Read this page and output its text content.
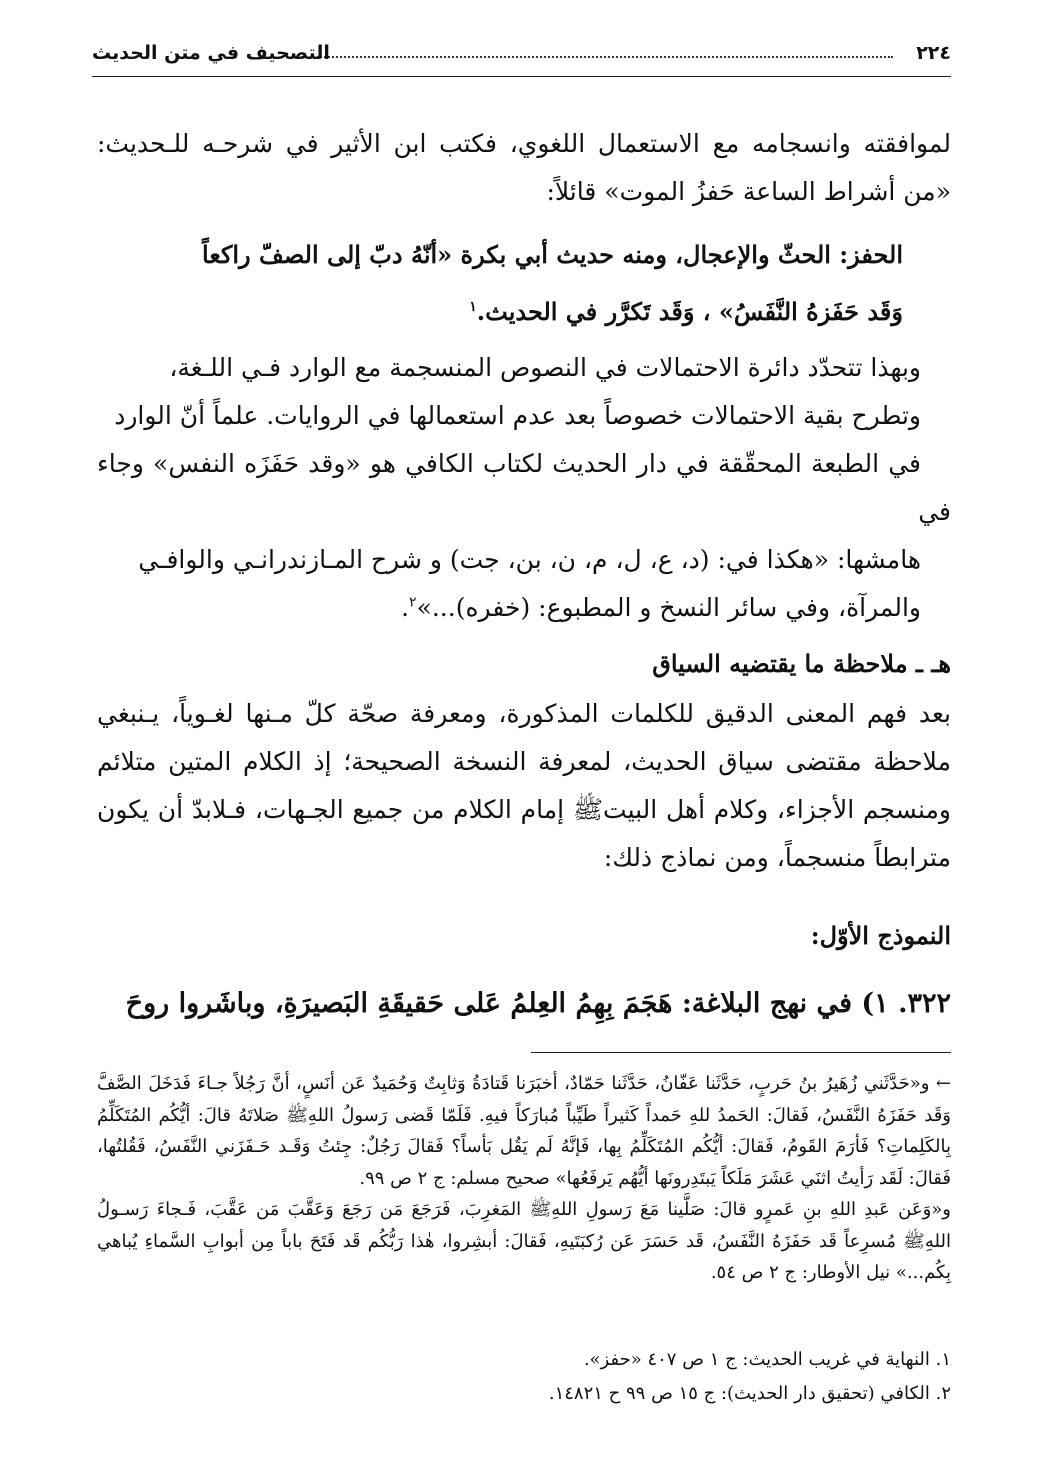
٢٢٤
التصحيف في متن الحديث
لموافقته وانسجامه مع الاستعمال اللغوي، فكتب ابن الأثير في شرحـه للـحديث: «من أشراط الساعة حَفزُ الموت» قائلاً:
الحفز: الحثّ والإعجال، ومنه حديث أبي بكرة «أنّهُ دبّ إلى الصفّ راكعاً
وَقَد حَفَزهُ النَّفَسُ» ، وَقَد تَكرَّر في الحديث.$^١$
وبهذا تتحدّد دائرة الاحتمالات في النصوص المنسجمة مع الوارد فـي اللـغة،
وتطرح بقية الاحتمالات خصوصاً بعد عدم استعمالها في الروايات. علماً أنّ الوارد
في الطبعة المحقّقة في دار الحديث لكتاب الكافي هو «وقد حَفَزَه النفس» وجاء في
هامشها: «هكذا في: (د، ع، ل، م، ن، بن، جت) و شرح المـازندرانـي والوافـي
والمرآة، وفي سائر النسخ و المطبوع: (خفره)...»$^٢$.
هـ ـ ملاحظة ما يقتضيه السياق
بعد فهم المعنى الدقيق للكلمات المذكورة، ومعرفة صحّة كلّ مـنها لغـوياً، يـنبغي ملاحظة مقتضى سياق الحديث، لمعرفة النسخة الصحيحة؛ إذ الكلام المتين متلائم ومنسجم الأجزاء، وكلام أهل البيتﷺ إمام الكلام من جميع الجـهات، فـلابدّ أن يكون مترابطاً منسجماً، ومن نماذج ذلك:
النموذج الأوّل:
٣٢٢. ١) في نهج البلاغة: هَجَمَ بِهِمُ العِلمُ عَلى حَقيقَةِ البَصيرَةِ، وباشَروا روحَ

← و«حَدَّثَني زُهَيرُ بنُ حَربٍ، حَدَّثَنا عَفّانُ، حَدَّثَنا حَمّادٌ، أخبَرَنا قَتادَةُ وَثابِتٌ وَحُمَيدٌ عَن أنَسٍ، أنَّ رَجُلاً جـاءَ فَدَخَلَ الصَّفَّ وَقَد حَفَزَهُ النَّفَسُ، فَقالَ: الحَمدُ للهِ حَمداً كَثيراً طَيِّباً مُبارَكاً فيهِ. فَلَمّا قَضى رَسولُ اللهِﷺ صَلاتَهُ قالَ: أيُّكُم المُتَكَلِّمُ بِالكَلِماتِ؟ فَأرَمَ القَومُ، فَقالَ: أيُّكُم المُتَكَلِّمُ بِها، فَإنَّهُ لَم يَقُل بَأساً؟ فَقالَ رَجُلٌ: جِئتُ وَقَـد حَـفَزَني النَّفَسُ، فَقُلتُها، فَقالَ: لَقَد رَأيتُ اثنَي عَشَرَ مَلَكاً يَبتَدِرونَها أيُّهُم يَرفَعُها» صحيح مسلم: ج ٢ ص ٩٩.

و«وَعَن عَبدِ اللهِ بنِ عَمرٍو قالَ: صَلَّينا مَعَ رَسولِ اللهِﷺ المَغرِبَ، فَرَجَعَ مَن رَجَعَ وَعَقَّبَ مَن عَقَّبَ، فَـجاءَ رَسـولُ اللهِﷺ مُسرِعاً قَد حَفَزَهُ النَّفَسُ، قَد حَسَرَ عَن رُكبَتَيهِ، فَقالَ: أبشِروا، هٰذا رَبُّكُم قَد فَتَحَ باباً مِن أبوابِ السَّماءِ يُباهي بِكُم...» نيل الأوطار: ج ٢ ص ٥٤.

١. النهاية في غريب الحديث: ج ١ ص ٤٠٧ «حفز».
٢. الكافي (تحقيق دار الحديث): ج ١٥ ص ٩٩ ح ١٤٨٢١.
